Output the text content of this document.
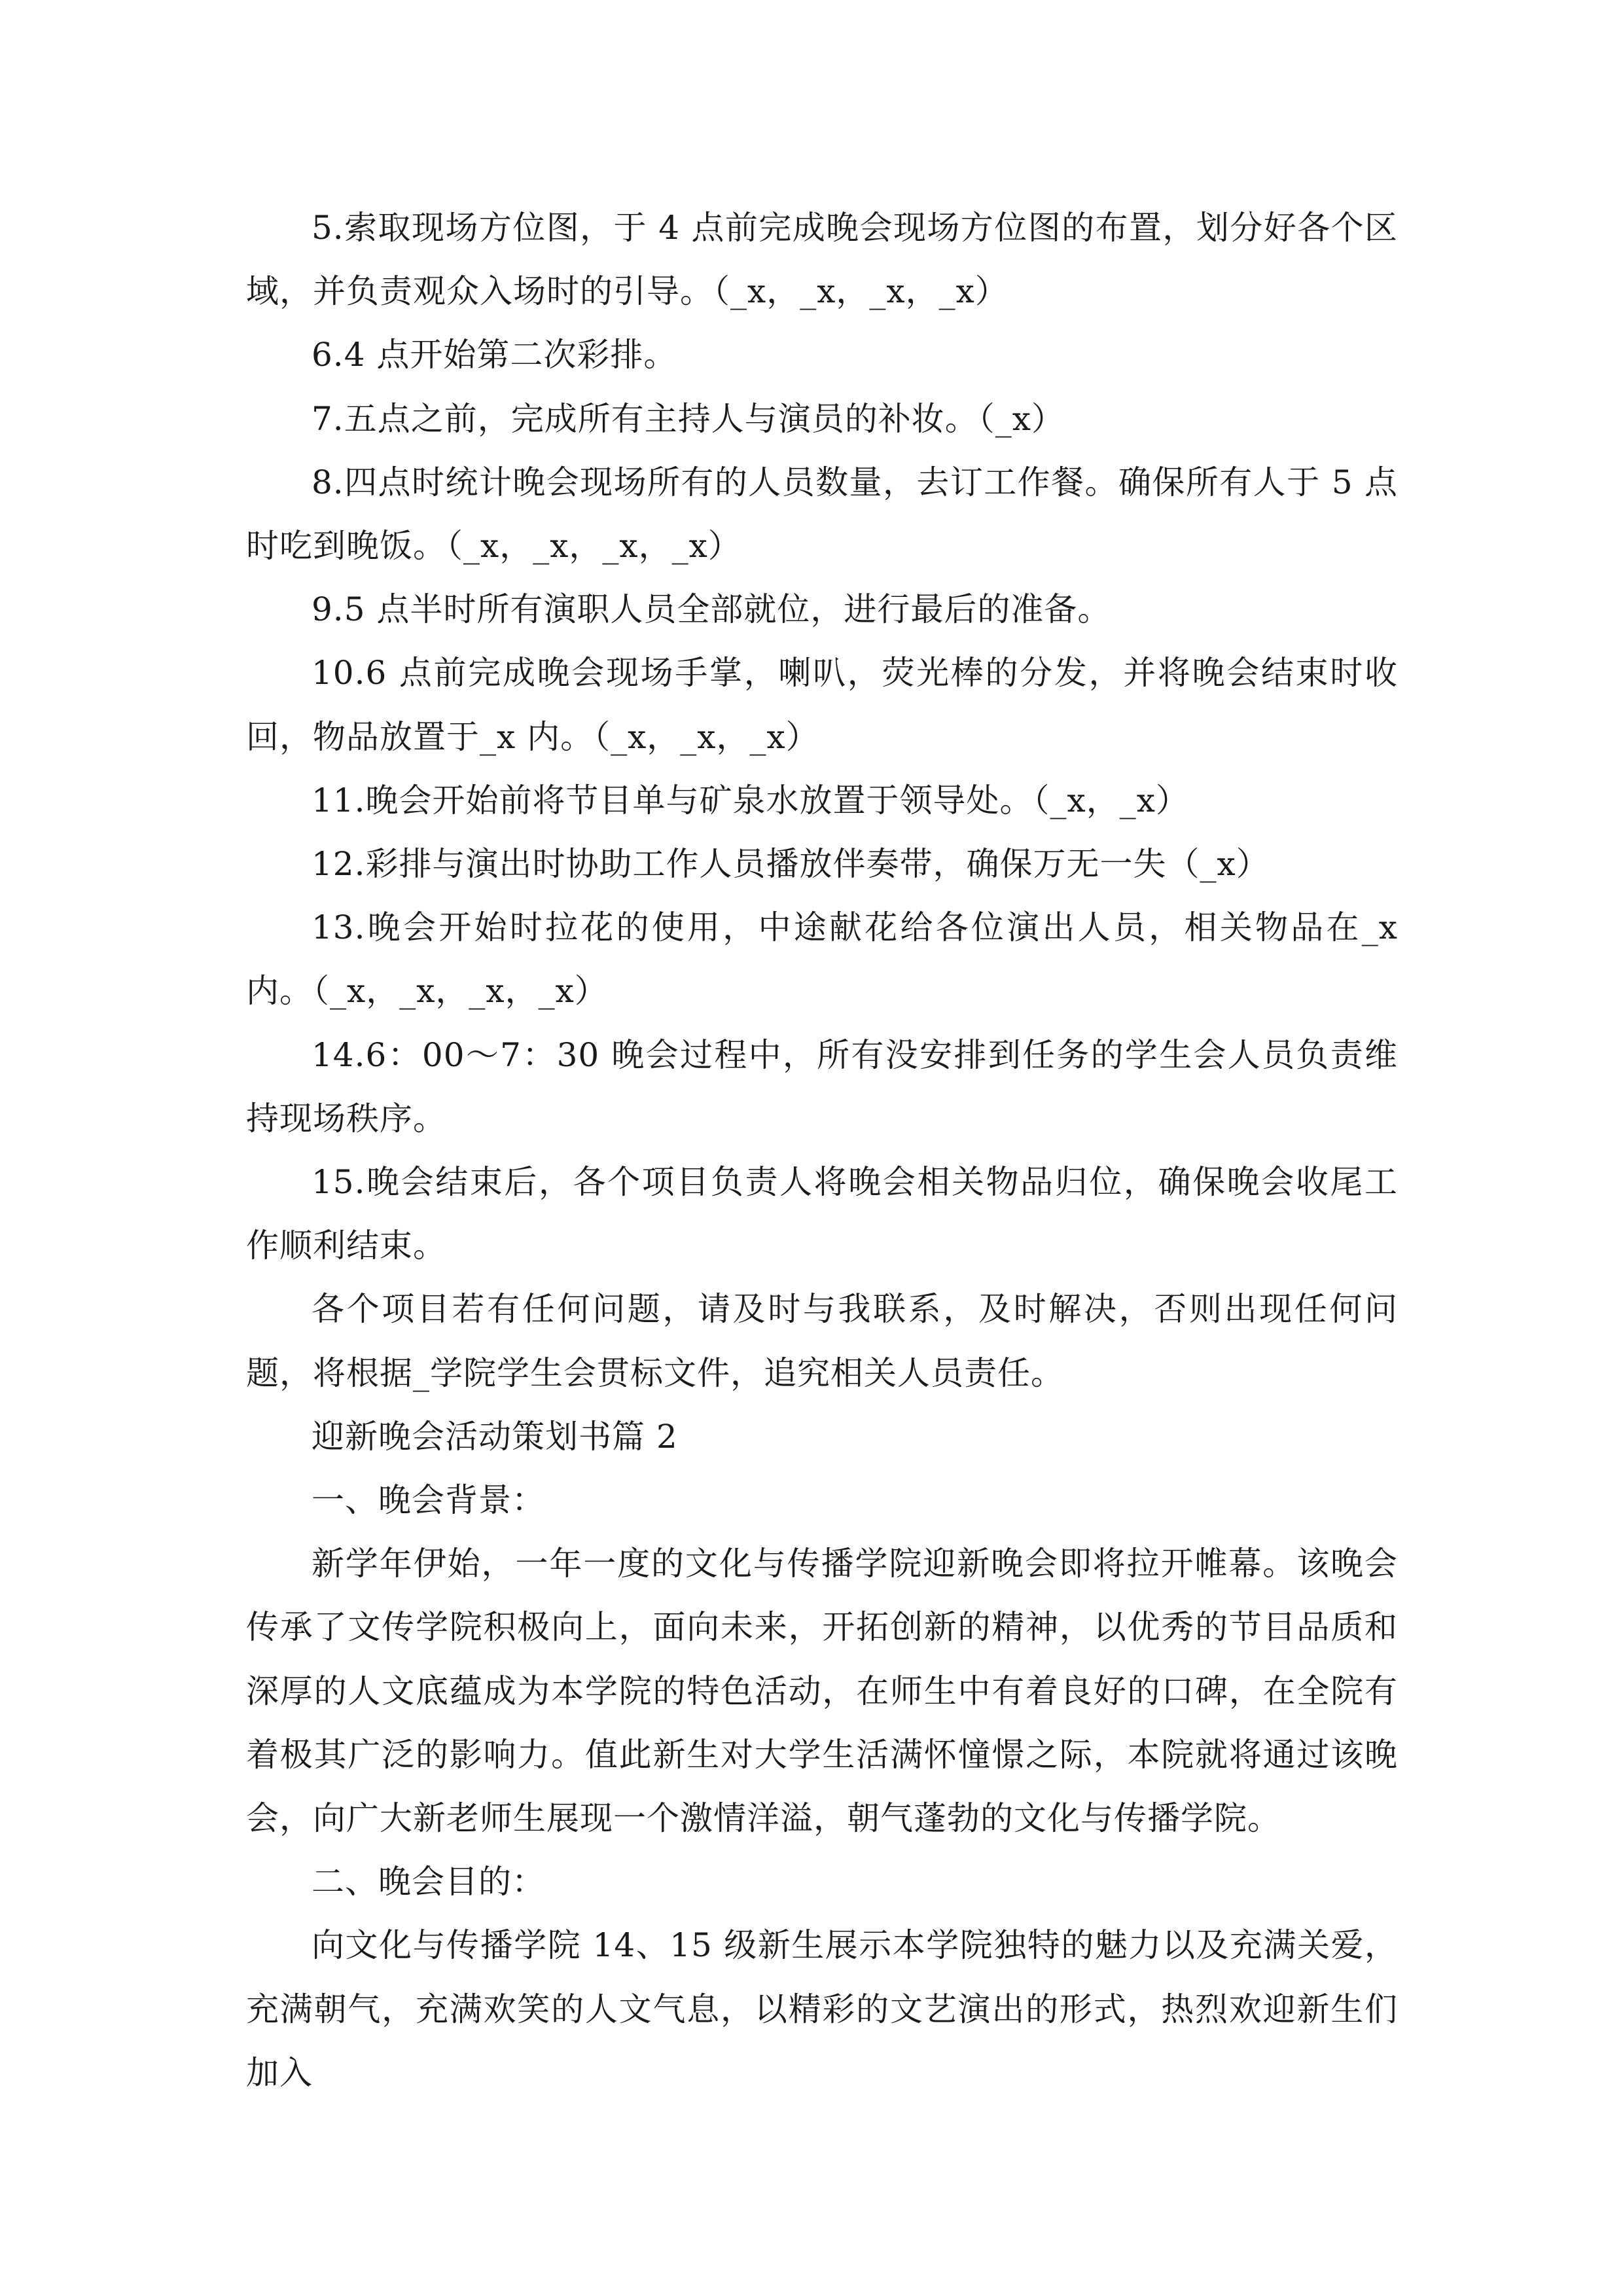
5.索取现场方位图，于 4 点前完成晚会现场方位图的布置，划分好各个区域，并负责观众入场时的引导。（_x，_x，_x，_x）

6.4 点开始第二次彩排。

7.五点之前，完成所有主持人与演员的补妆。（_x）

8.四点时统计晚会现场所有的人员数量，去订工作餐。确保所有人于 5 点时吃到晚饭。（_x，_x，_x，_x）

9.5 点半时所有演职人员全部就位，进行最后的准备。

10.6 点前完成晚会现场手掌，喇叭，荧光棒的分发，并将晚会结束时收回，物品放置于_x 内。（_x，_x，_x）

11.晚会开始前将节目单与矿泉水放置于领导处。（_x，_x）

12.彩排与演出时协助工作人员播放伴奏带，确保万无一失（_x）

13.晚会开始时拉花的使用，中途献花给各位演出人员，相关物品在_x 内。（_x，_x，_x，_x）

14.6：00～7：30 晚会过程中，所有没安排到任务的学生会人员负责维持现场秩序。

15.晚会结束后，各个项目负责人将晚会相关物品归位，确保晚会收尾工作顺利结束。

各个项目若有任何问题，请及时与我联系，及时解决，否则出现任何问题，将根据_学院学生会贯标文件，追究相关人员责任。

迎新晚会活动策划书篇 2

一、晚会背景：

新学年伊始，一年一度的文化与传播学院迎新晚会即将拉开帷幕。该晚会传承了文传学院积极向上，面向未来，开拓创新的精神，以优秀的节目品质和深厚的人文底蕴成为本学院的特色活动，在师生中有着良好的口碑，在全院有着极其广泛的影响力。值此新生对大学生活满怀憧憬之际，本院就将通过该晚会，向广大新老师生展现一个激情洋溢，朝气蓬勃的文化与传播学院。

二、晚会目的：

向文化与传播学院 14、15 级新生展示本学院独特的魅力以及充满关爱，充满朝气，充满欢笑的人文气息，以精彩的文艺演出的形式，热烈欢迎新生们加入
